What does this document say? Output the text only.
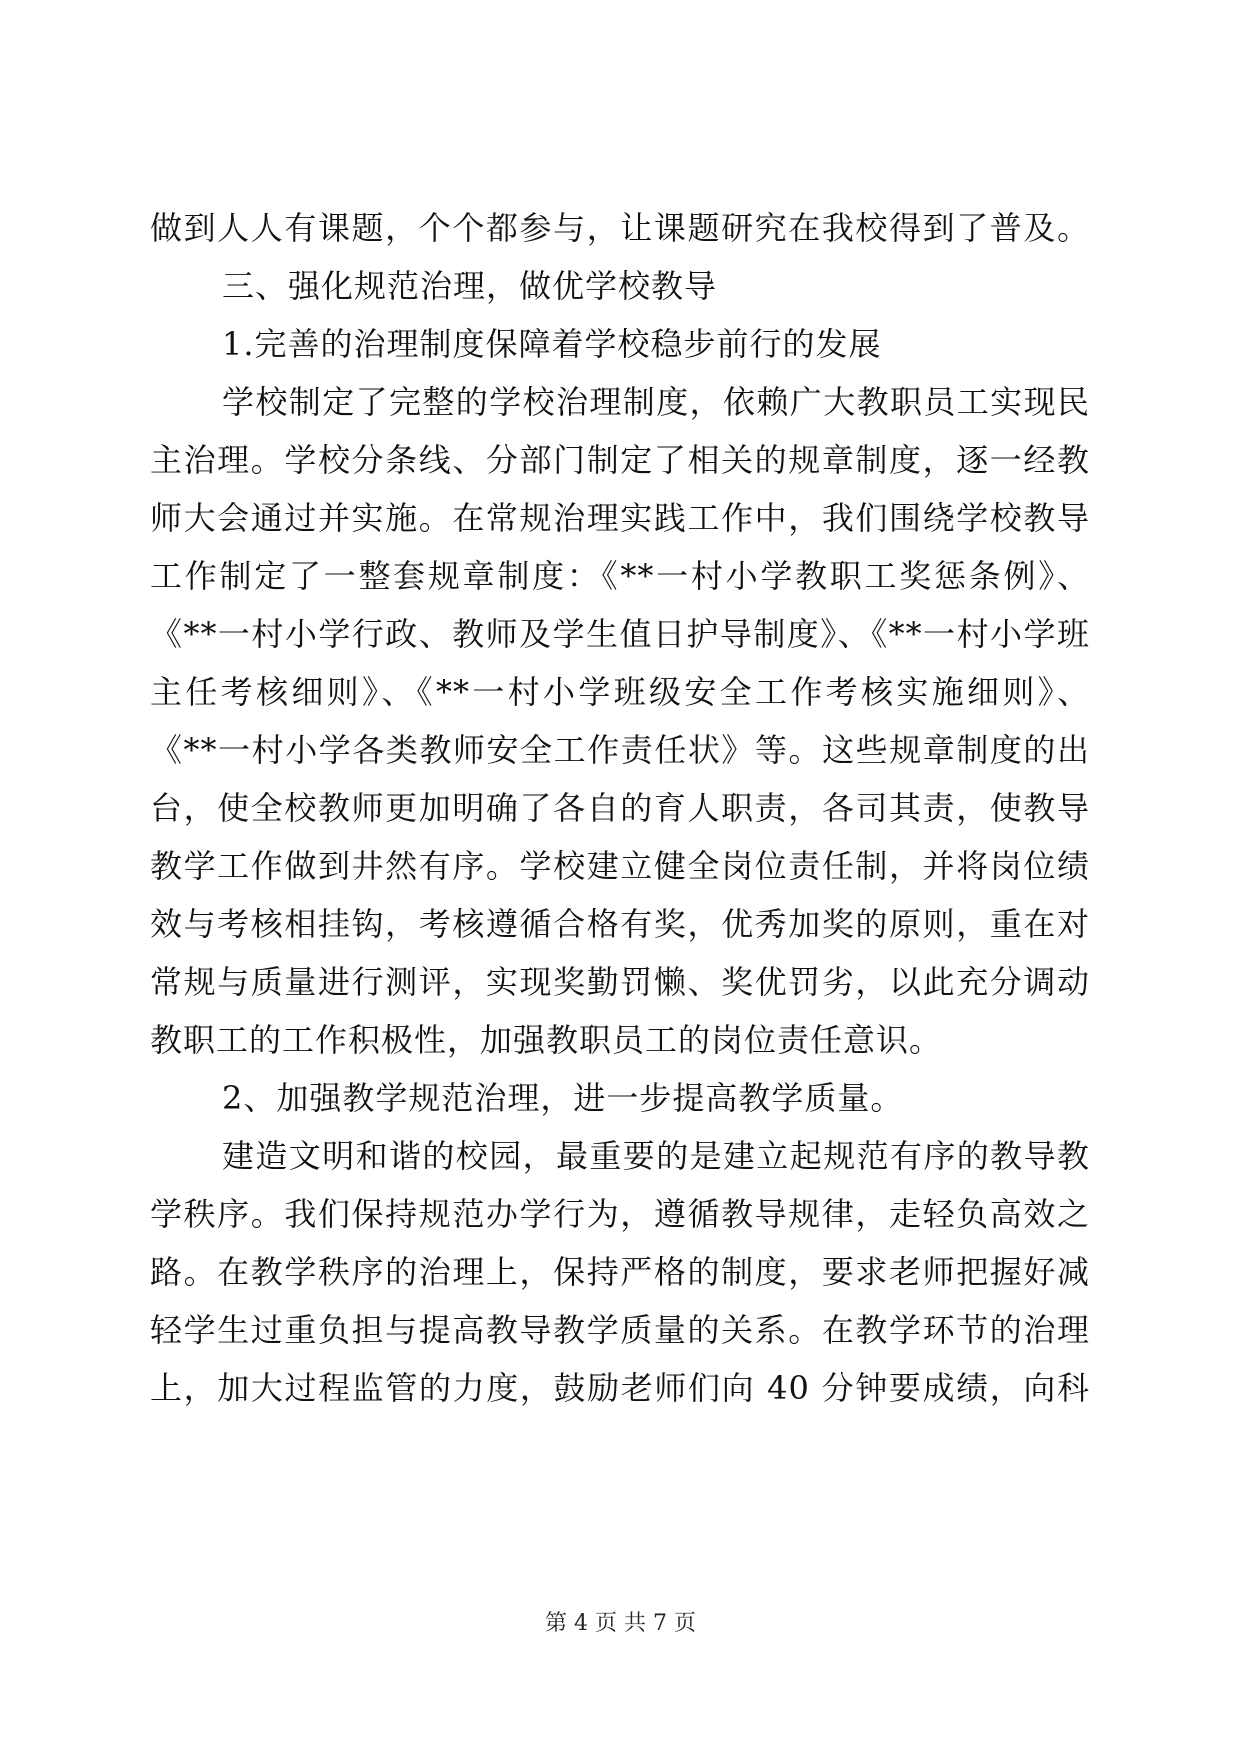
做到人人有课题，个个都参与，让课题研究在我校得到了普及。
三、强化规范治理，做优学校教导
1.完善的治理制度保障着学校稳步前行的发展
学校制定了完整的学校治理制度，依赖广大教职员工实现民
主治理。学校分条线、分部门制定了相关的规章制度，逐一经教
师大会通过并实施。在常规治理实践工作中，我们围绕学校教导
工作制定了一整套规章制度：《**一村小学教职工奖惩条例》、
《**一村小学行政、教师及学生值日护导制度》、《**一村小学班
主任考核细则》、《**一村小学班级安全工作考核实施细则》、
《**一村小学各类教师安全工作责任状》等。这些规章制度的出
台，使全校教师更加明确了各自的育人职责，各司其责，使教导
教学工作做到井然有序。学校建立健全岗位责任制，并将岗位绩
效与考核相挂钩，考核遵循合格有奖，优秀加奖的原则，重在对
常规与质量进行测评，实现奖勤罚懒、奖优罚劣，以此充分调动
教职工的工作积极性，加强教职员工的岗位责任意识。
2、加强教学规范治理，进一步提高教学质量。
建造文明和谐的校园，最重要的是建立起规范有序的教导教
学秩序。我们保持规范办学行为，遵循教导规律，走轻负高效之
路。在教学秩序的治理上，保持严格的制度，要求老师把握好减
轻学生过重负担与提高教导教学质量的关系。在教学环节的治理
上，加大过程监管的力度，鼓励老师们向 40 分钟要成绩，向科
第 4 页 共 7 页
